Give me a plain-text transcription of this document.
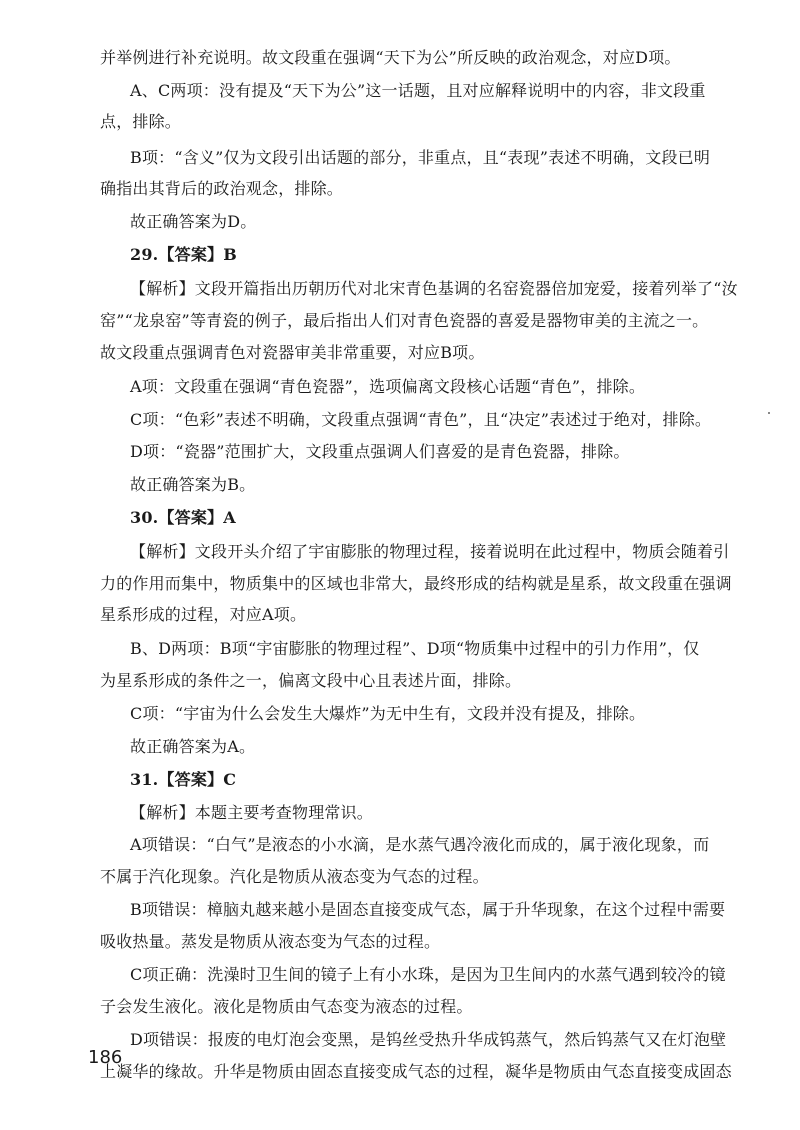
并举例进行补充说明。故文段重在强调“天下为公”所反映的政治观念，对应D项。
A、C两项：没有提及“天下为公”这一话题，且对应解释说明中的内容，非文段重
点，排除。
B项：“含义”仅为文段引出话题的部分，非重点，且“表现”表述不明确，文段已明
确指出其背后的政治观念，排除。
故正确答案为D。
29.【答案】B
【解析】文段开篇指出历朝历代对北宋青色基调的名窑瓷器倍加宠爱，接着列举了“汝
窑”“龙泉窑”等青瓷的例子，最后指出人们对青色瓷器的喜爱是器物审美的主流之一。
故文段重点强调青色对瓷器审美非常重要，对应B项。
A项：文段重在强调“青色瓷器”，选项偏离文段核心话题“青色”，排除。
C项：“色彩”表述不明确，文段重点强调“青色”，且“决定”表述过于绝对，排除。
D项：“瓷器”范围扩大，文段重点强调人们喜爱的是青色瓷器，排除。
故正确答案为B。
30.【答案】A
【解析】文段开头介绍了宇宙膨胀的物理过程，接着说明在此过程中，物质会随着引
力的作用而集中，物质集中的区域也非常大，最终形成的结构就是星系，故文段重在强调
星系形成的过程，对应A项。
B、D两项：B项“宇宙膨胀的物理过程”、D项“物质集中过程中的引力作用”，仅
为星系形成的条件之一，偏离文段中心且表述片面，排除。
C项：“宇宙为什么会发生大爆炸”为无中生有，文段并没有提及，排除。
故正确答案为A。
31.【答案】C
【解析】本题主要考查物理常识。
A项错误：“白气”是液态的小水滴，是水蒸气遇冷液化而成的，属于液化现象，而
不属于汽化现象。汽化是物质从液态变为气态的过程。
B项错误：樟脑丸越来越小是固态直接变成气态，属于升华现象，在这个过程中需要
吸收热量。蒸发是物质从液态变为气态的过程。
C项正确：洗澡时卫生间的镜子上有小水珠，是因为卫生间内的水蒸气遇到较冷的镜
子会发生液化。液化是物质由气态变为液态的过程。
D项错误：报废的电灯泡会变黑，是钨丝受热升华成钨蒸气，然后钨蒸气又在灯泡壁
上凝华的缘故。升华是物质由固态直接变成气态的过程，凝华是物质由气态直接变成固态
186
